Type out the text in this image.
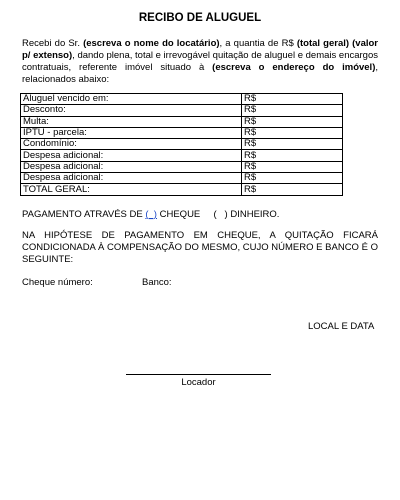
RECIBO DE ALUGUEL
Recebi do Sr. (escreva o nome do locatário), a quantia de R$ (total geral) (valor p/ extenso), dando plena, total e irrevogável quitação de aluguel e demais encargos contratuais, referente imóvel situado à (escreva o endereço do imóvel), relacionados abaixo:
Aluguel vencido em:	R$
Desconto:	R$
Multa:	R$
IPTU - parcela:	R$
Condomínio:	R$
Despesa adicional:	R$
Despesa adicional:	R$
Despesa adicional:	R$
TOTAL GERAL:	R$
PAGAMENTO ATRAVÉS DE (_) CHEQUE     (   ) DINHEIRO.
NA HIPÓTESE DE PAGAMENTO EM CHEQUE, A QUITAÇÃO FICARÁ CONDICIONADA À COMPENSAÇÃO DO MESMO, CUJO NÚMERO E BANCO É O SEGUINTE:
Cheque número:	Banco:
LOCAL E DATA
Locador
